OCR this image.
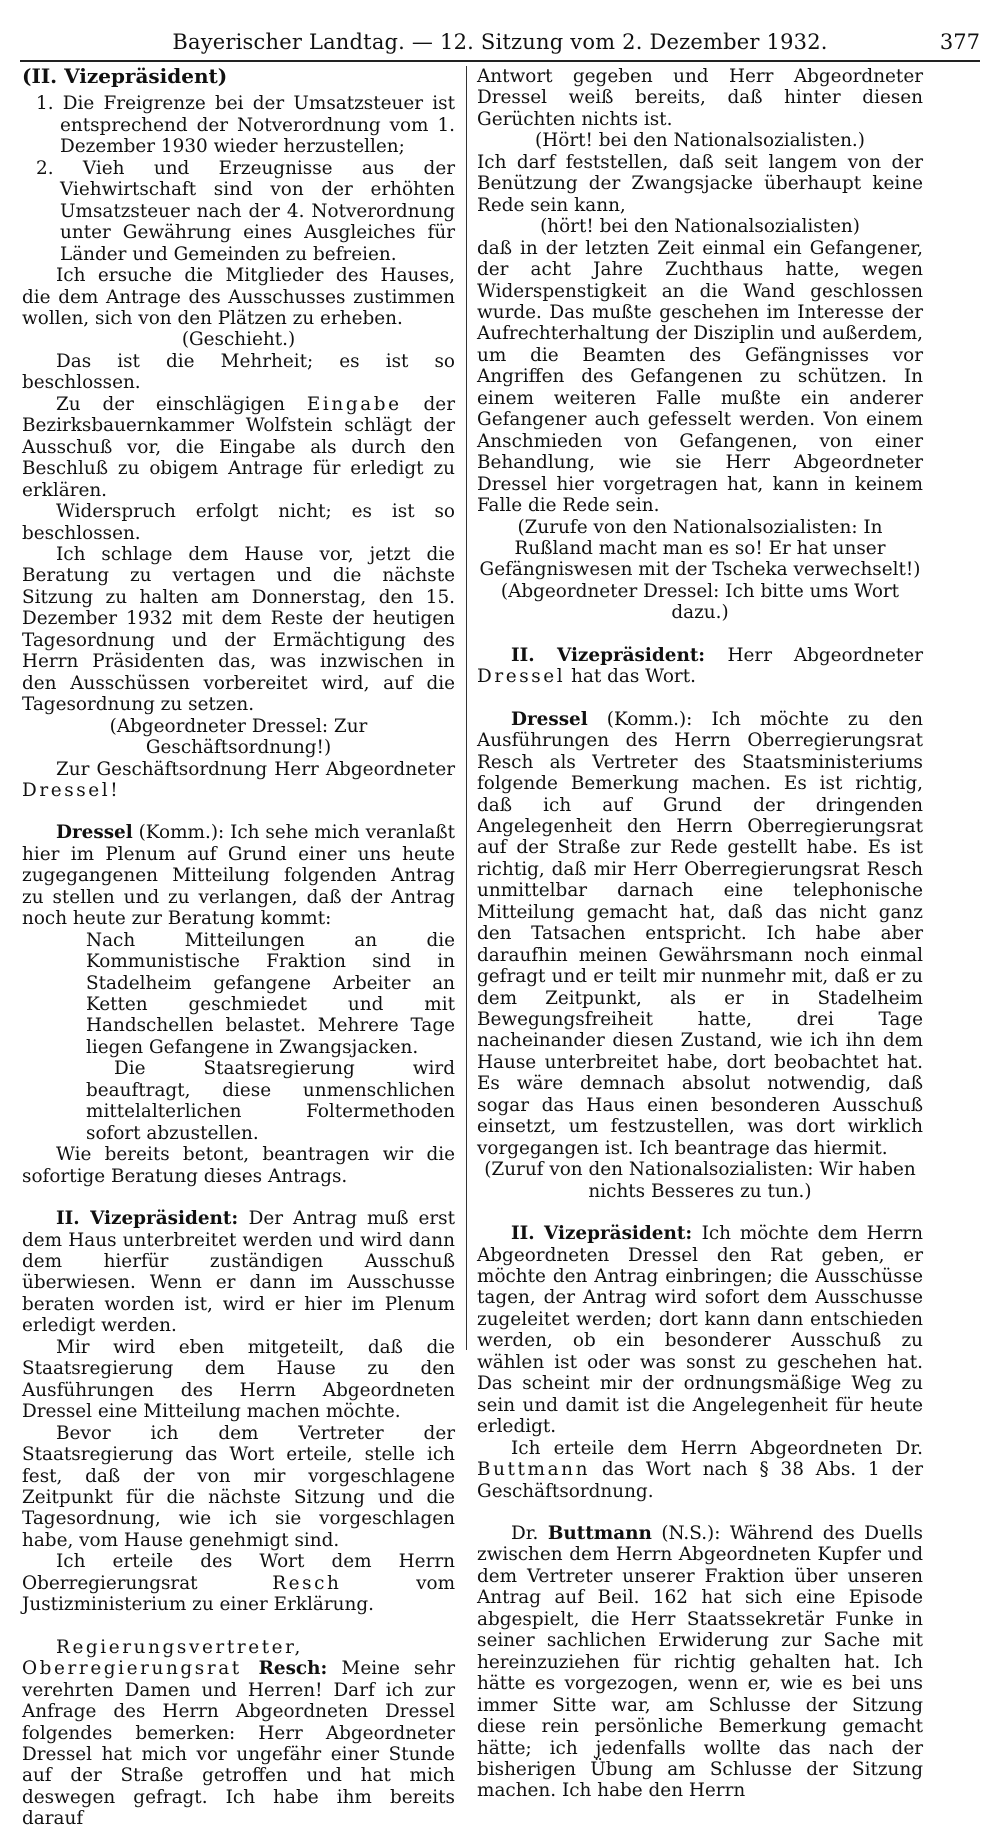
Bayerischer Landtag. — 12. Sitzung vom 2. Dezember 1932.	377

(II. Vizepräsident)

1. Die Freigrenze bei der Umsatzsteuer ist entsprechend der Notverordnung vom 1. Dezember 1930 wieder herzustellen;

2. Vieh und Erzeugnisse aus der Viehwirtschaft sind von der erhöhten Umsatzsteuer nach der 4. Notverordnung unter Gewährung eines Ausgleiches für Länder und Gemeinden zu befreien.

Ich ersuche die Mitglieder des Hauses, die dem Antrage des Ausschusses zustimmen wollen, sich von den Plätzen zu erheben.

(Geschieht.)

Das ist die Mehrheit; es ist so beschlossen.

Zu der einschlägigen Eingabe der Bezirksbauernkammer Wolfstein schlägt der Ausschuß vor, die Eingabe als durch den Beschluß zu obigem Antrage für erledigt zu erklären.

Widerspruch erfolgt nicht; es ist so beschlossen.

Ich schlage dem Hause vor, jetzt die Beratung zu vertagen und die nächste Sitzung zu halten am Donnerstag, den 15. Dezember 1932 mit dem Reste der heutigen Tagesordnung und der Ermächtigung des Herrn Präsidenten das, was inzwischen in den Ausschüssen vorbereitet wird, auf die Tagesordnung zu setzen.

(Abgeordneter Dressel: Zur Geschäftsordnung!)

Zur Geschäftsordnung Herr Abgeordneter Dressel!

Dressel (Komm.): Ich sehe mich veranlaßt hier im Plenum auf Grund einer uns heute zugegangenen Mitteilung folgenden Antrag zu stellen und zu verlangen, daß der Antrag noch heute zur Beratung kommt:

Nach Mitteilungen an die Kommunistische Fraktion sind in Stadelheim gefangene Arbeiter an Ketten geschmiedet und mit Handschellen belastet. Mehrere Tage liegen Gefangene in Zwangsjacken.

Die Staatsregierung wird beauftragt, diese unmenschlichen mittelalterlichen Foltermethoden sofort abzustellen.

Wie bereits betont, beantragen wir die sofortige Beratung dieses Antrags.

II. Vizepräsident: Der Antrag muß erst dem Haus unterbreitet werden und wird dann dem hierfür zuständigen Ausschuß überwiesen. Wenn er dann im Ausschusse beraten worden ist, wird er hier im Plenum erledigt werden.

Mir wird eben mitgeteilt, daß die Staatsregierung dem Hause zu den Ausführungen des Herrn Abgeordneten Dressel eine Mitteilung machen möchte.

Bevor ich dem Vertreter der Staatsregierung das Wort erteile, stelle ich fest, daß der von mir vorgeschlagene Zeitpunkt für die nächste Sitzung und die Tagesordnung, wie ich sie vorgeschlagen habe, vom Hause genehmigt sind.

Ich erteile des Wort dem Herrn Oberregierungsrat Resch vom Justizministerium zu einer Erklärung.

Regierungsvertreter, Oberregierungsrat Resch: Meine sehr verehrten Damen und Herren! Darf ich zur Anfrage des Herrn Abgeordneten Dressel folgendes bemerken: Herr Abgeordneter Dressel hat mich vor ungefähr einer Stunde auf der Straße getroffen und hat mich deswegen gefragt. Ich habe ihm bereits darauf

Antwort gegeben und Herr Abgeordneter Dressel weiß bereits, daß hinter diesen Gerüchten nichts ist.

(Hört! bei den Nationalsozialisten.)

Ich darf feststellen, daß seit langem von der Benützung der Zwangsjacke überhaupt keine Rede sein kann,

(hört! bei den Nationalsozialisten)

daß in der letzten Zeit einmal ein Gefangener, der acht Jahre Zuchthaus hatte, wegen Widerspenstigkeit an die Wand geschlossen wurde. Das mußte geschehen im Interesse der Aufrechterhaltung der Disziplin und außerdem, um die Beamten des Gefängnisses vor Angriffen des Gefangenen zu schützen. In einem weiteren Falle mußte ein anderer Gefangener auch gefesselt werden. Von einem Anschmieden von Gefangenen, von einer Behandlung, wie sie Herr Abgeordneter Dressel hier vorgetragen hat, kann in keinem Falle die Rede sein.

(Zurufe von den Nationalsozialisten: In Rußland macht man es so! Er hat unser Gefängniswesen mit der Tscheka verwechselt!)

(Abgeordneter Dressel: Ich bitte ums Wort dazu.)

II. Vizepräsident: Herr Abgeordneter Dressel hat das Wort.

Dressel (Komm.): Ich möchte zu den Ausführungen des Herrn Oberregierungsrat Resch als Vertreter des Staatsministeriums folgende Bemerkung machen. Es ist richtig, daß ich auf Grund der dringenden Angelegenheit den Herrn Oberregierungsrat auf der Straße zur Rede gestellt habe. Es ist richtig, daß mir Herr Oberregierungsrat Resch unmittelbar darnach eine telephonische Mitteilung gemacht hat, daß das nicht ganz den Tatsachen entspricht. Ich habe aber daraufhin meinen Gewährsmann noch einmal gefragt und er teilt mir nunmehr mit, daß er zu dem Zeitpunkt, als er in Stadelheim Bewegungsfreiheit hatte, drei Tage nacheinander diesen Zustand, wie ich ihn dem Hause unterbreitet habe, dort beobachtet hat. Es wäre demnach absolut notwendig, daß sogar das Haus einen besonderen Ausschuß einsetzt, um festzustellen, was dort wirklich vorgegangen ist. Ich beantrage das hiermit.

(Zuruf von den Nationalsozialisten: Wir haben nichts Besseres zu tun.)

II. Vizepräsident: Ich möchte dem Herrn Abgeordneten Dressel den Rat geben, er möchte den Antrag einbringen; die Ausschüsse tagen, der Antrag wird sofort dem Ausschusse zugeleitet werden; dort kann dann entschieden werden, ob ein besonderer Ausschuß zu wählen ist oder was sonst zu geschehen hat. Das scheint mir der ordnungsmäßige Weg zu sein und damit ist die Angelegenheit für heute erledigt.

Ich erteile dem Herrn Abgeordneten Dr. Buttmann das Wort nach § 38 Abs. 1 der Geschäftsordnung.

Dr. Buttmann (N.S.): Während des Duells zwischen dem Herrn Abgeordneten Kupfer und dem Vertreter unserer Fraktion über unseren Antrag auf Beil. 162 hat sich eine Episode abgespielt, die Herr Staatssekretär Funke in seiner sachlichen Erwiderung zur Sache mit hereinzuziehen für richtig gehalten hat. Ich hätte es vorgezogen, wenn er, wie es bei uns immer Sitte war, am Schlusse der Sitzung diese rein persönliche Bemerkung gemacht hätte; ich jedenfalls wollte das nach der bisherigen Übung am Schlusse der Sitzung machen. Ich habe den Herrn
